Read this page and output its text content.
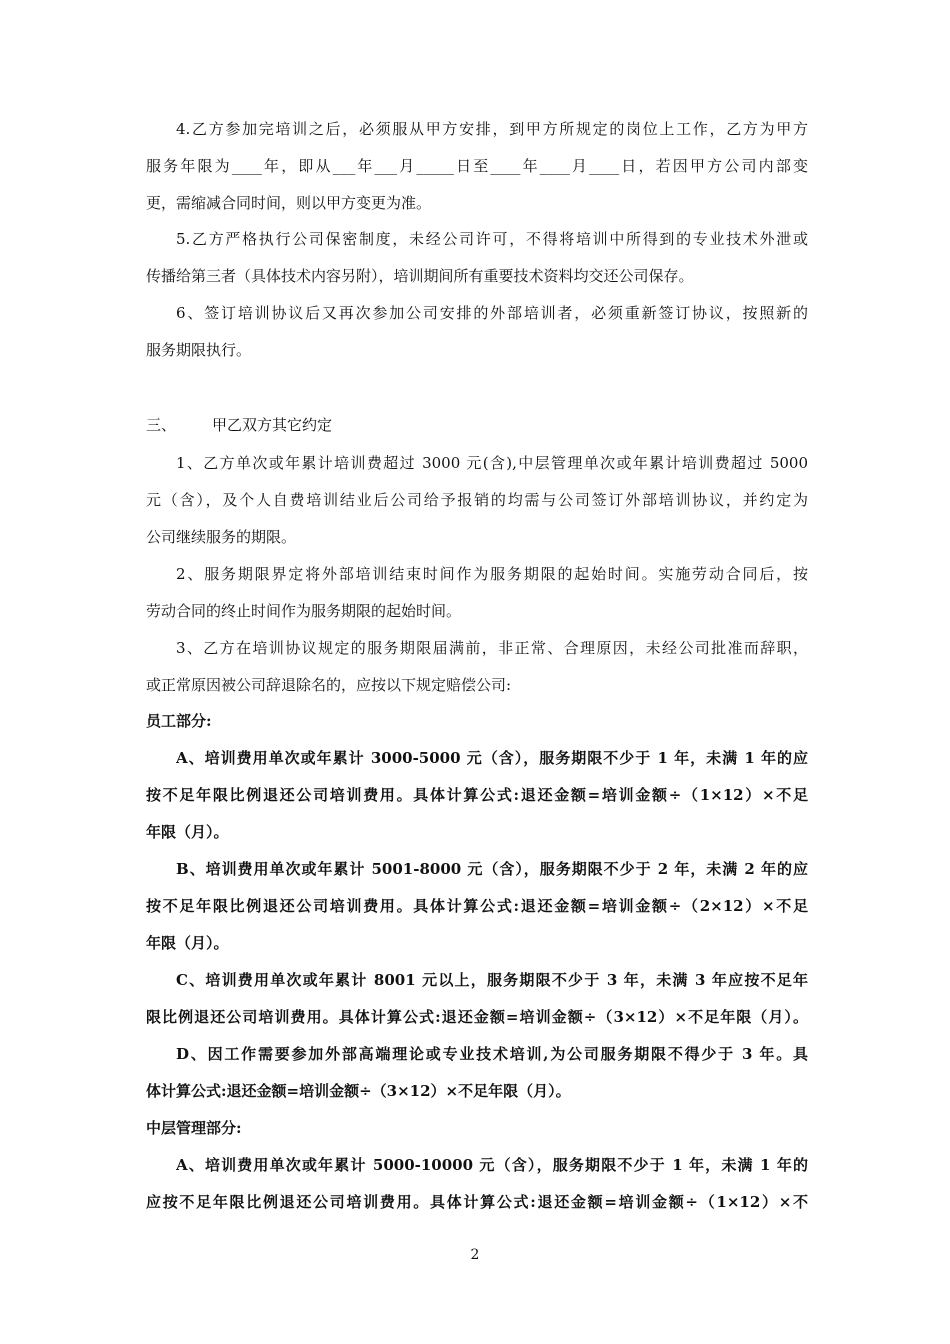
4.乙方参加完培训之后，必须服从甲方安排，到甲方所规定的岗位上工作，乙方为甲方
服务年限为____年，即从___年___月_____日至____年____月____日，若因甲方公司内部变
更，需缩减合同时间，则以甲方变更为准。
5.乙方严格执行公司保密制度，未经公司许可，不得将培训中所得到的专业技术外泄或
传播给第三者（具体技术内容另附），培训期间所有重要技术资料均交还公司保存。
6、签订培训协议后又再次参加公司安排的外部培训者，必须重新签订协议，按照新的
服务期限执行。
三、 甲乙双方其它约定
1、乙方单次或年累计培训费超过 3000 元(含),中层管理单次或年累计培训费超过 5000
元（含），及个人自费培训结业后公司给予报销的均需与公司签订外部培训协议，并约定为
公司继续服务的期限。
2、服务期限界定将外部培训结束时间作为服务期限的起始时间。实施劳动合同后，按
劳动合同的终止时间作为服务期限的起始时间。
3、乙方在培训协议规定的服务期限届满前，非正常、合理原因，未经公司批准而辞职，
或正常原因被公司辞退除名的，应按以下规定赔偿公司:
员工部分:
A、培训费用单次或年累计 3000-5000 元（含），服务期限不少于 1 年，未满 1 年的应
按不足年限比例退还公司培训费用。具体计算公式:退还金额=培训金额÷（1×12）×不足
年限（月）。
B、培训费用单次或年累计 5001-8000 元（含），服务期限不少于 2 年，未满 2 年的应
按不足年限比例退还公司培训费用。具体计算公式:退还金额=培训金额÷（2×12）×不足
年限（月）。
C、培训费用单次或年累计 8001 元以上，服务期限不少于 3 年，未满 3 年应按不足年
限比例退还公司培训费用。具体计算公式:退还金额=培训金额÷（3×12）×不足年限（月）。
D、因工作需要参加外部高端理论或专业技术培训,为公司服务期限不得少于 3 年。具
体计算公式:退还金额=培训金额÷（3×12）×不足年限（月）。
中层管理部分:
A、培训费用单次或年累计 5000-10000 元（含），服务期限不少于 1 年，未满 1 年的
应按不足年限比例退还公司培训费用。具体计算公式:退还金额=培训金额÷（1×12）×不
2
